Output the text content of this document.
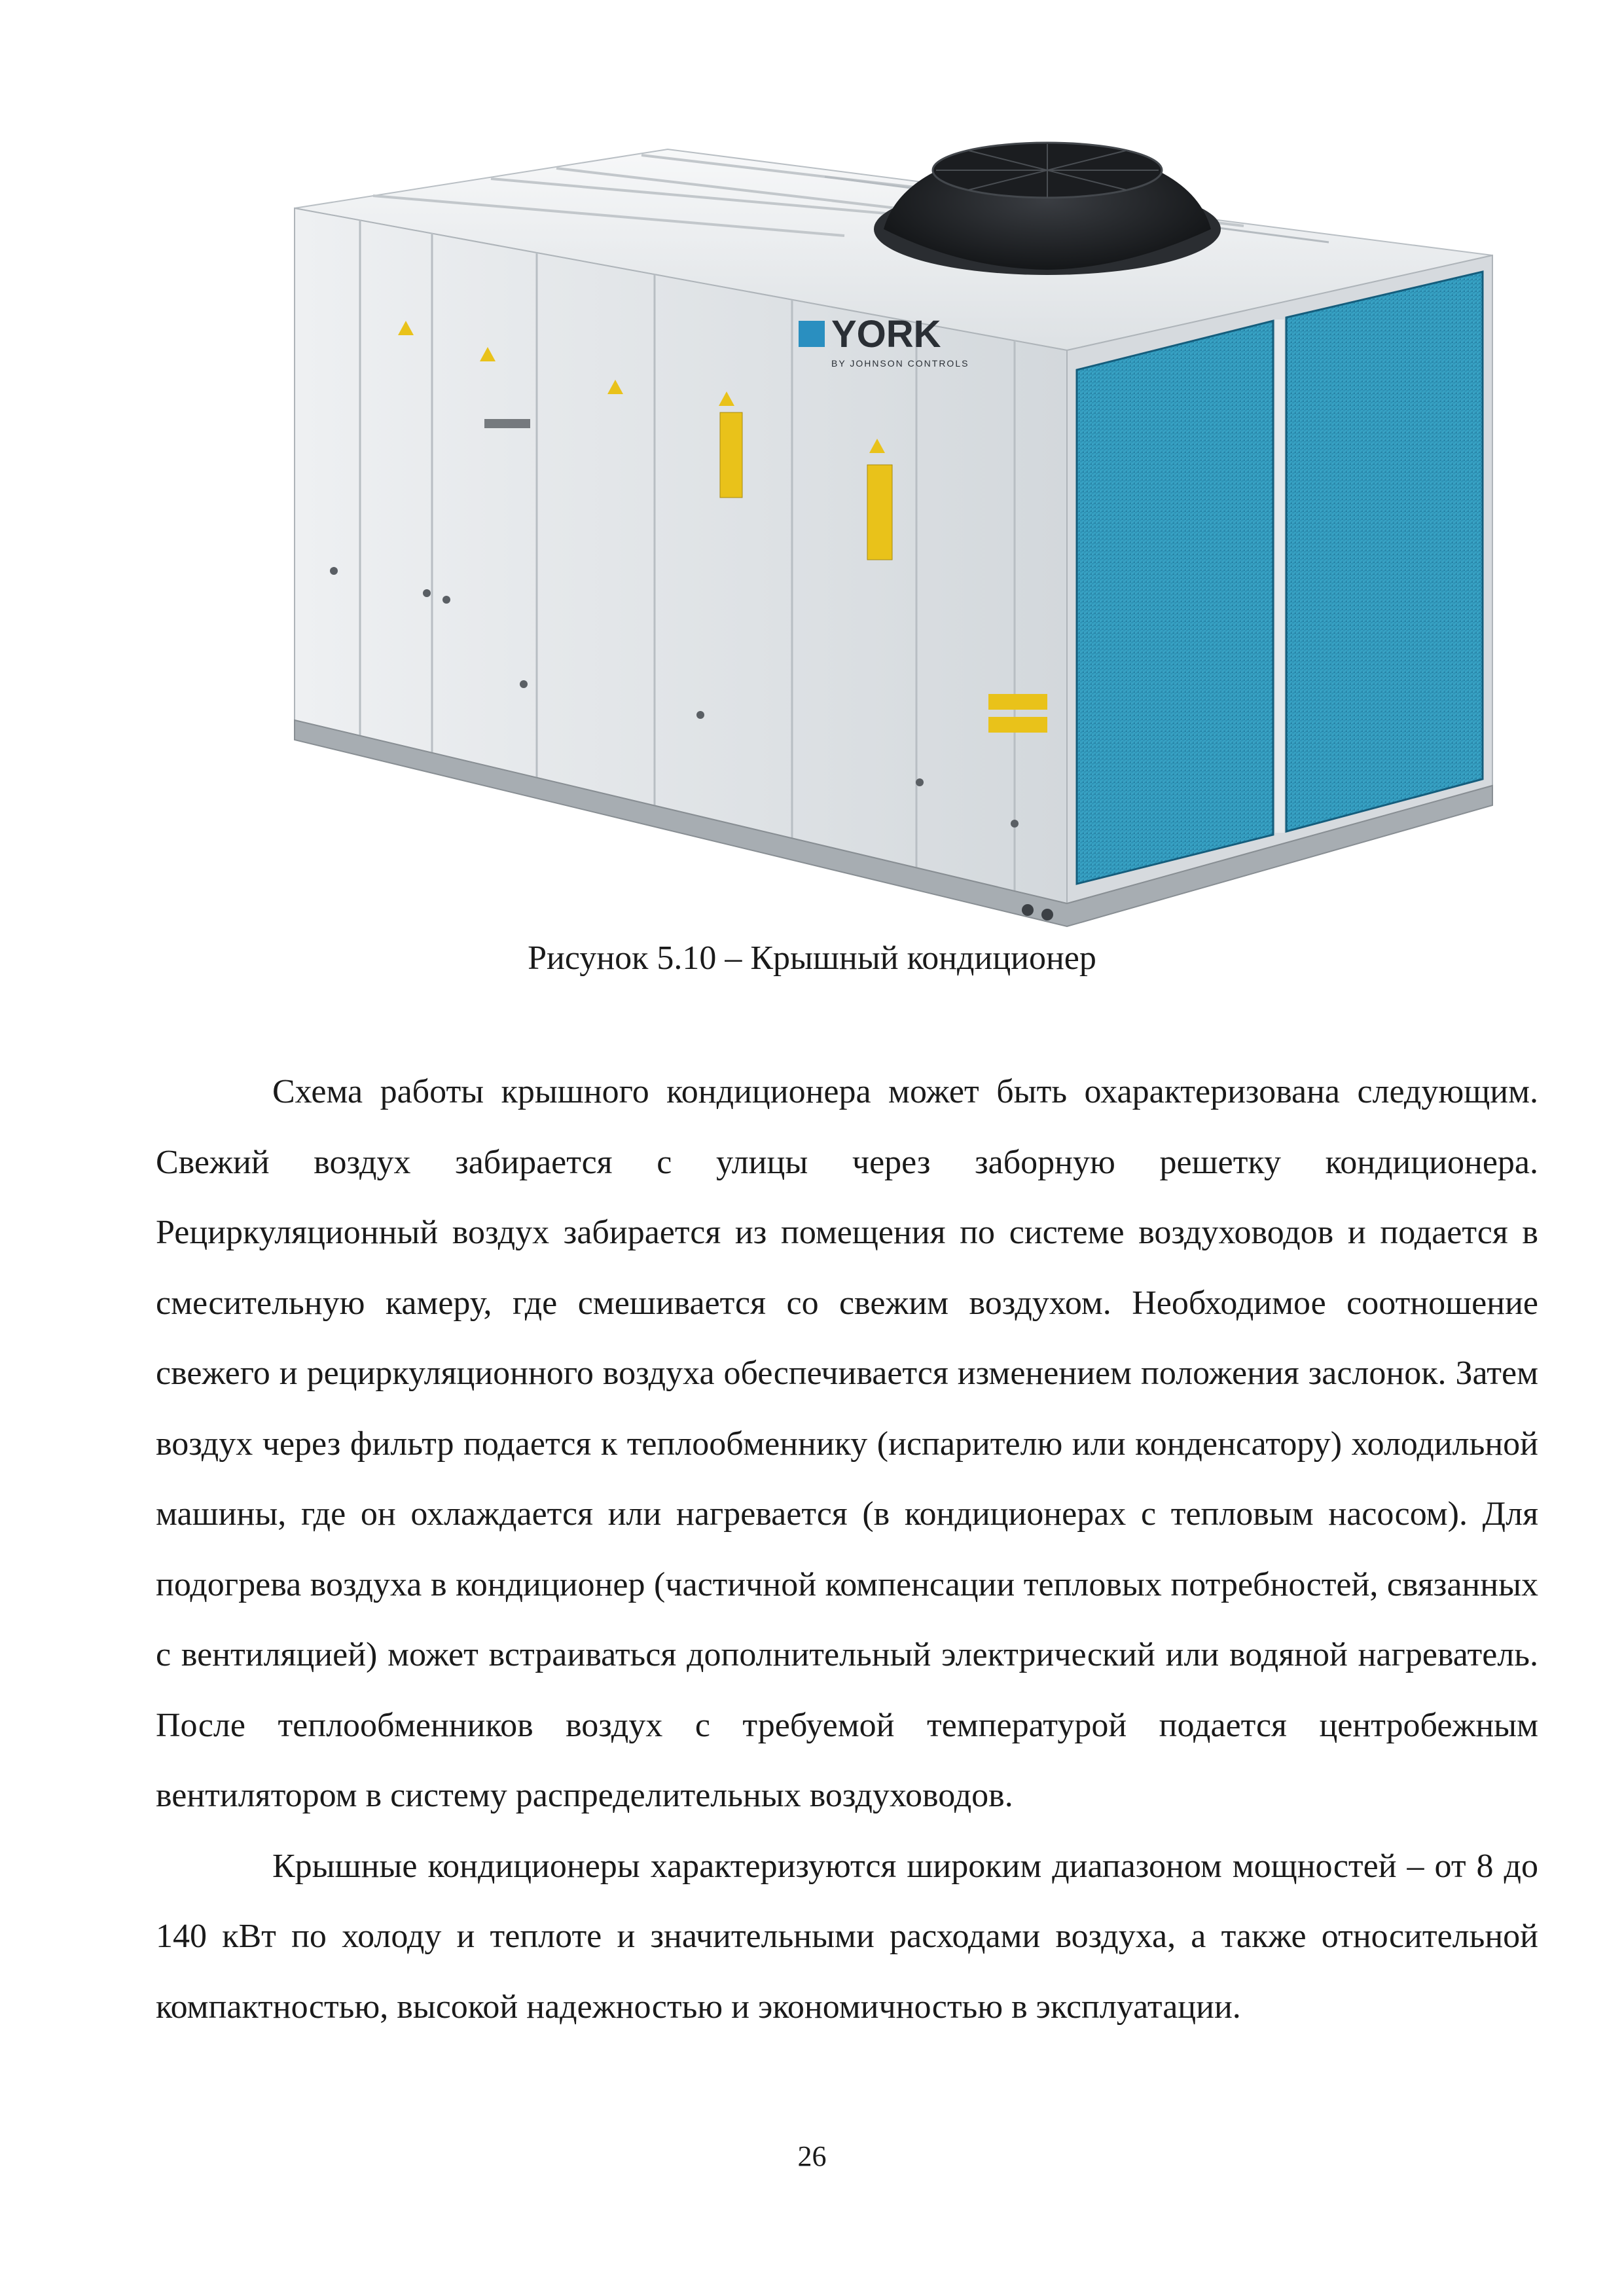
YORK
BY JOHNSON CONTROLS
Рисунок 5.10 – Крышный кондиционер

Схема работы крышного кондиционера может быть охарактеризована следующим. Свежий воздух забирается с улицы через заборную решетку кондиционера. Рециркуляционный воздух забирается из помещения по системе воздуховодов и подается в смесительную камеру, где смешивается со свежим воздухом. Необходимое соотношение свежего и рециркуляционного воздуха обеспечивается изменением положения заслонок. Затем воздух через фильтр подается к теплообменнику (испарителю или конденсатору) холодильной машины, где он охлаждается или нагревается (в кондиционерах с тепловым насосом). Для подогрева воздуха в кондиционер (частичной компенсации тепловых потребностей, связанных с вентиляцией) может встраиваться дополнительный электрический или водяной нагреватель. После теплообменников воздух с требуемой температурой подается центробежным вентилятором в систему распределительных воздуховодов.

Крышные кондиционеры характеризуются широким диапазоном мощностей – от 8 до 140 кВт по холоду и теплоте и значительными расходами воздуха, а также относительной компактностью, высокой надежностью и экономичностью в эксплуатации.

26
